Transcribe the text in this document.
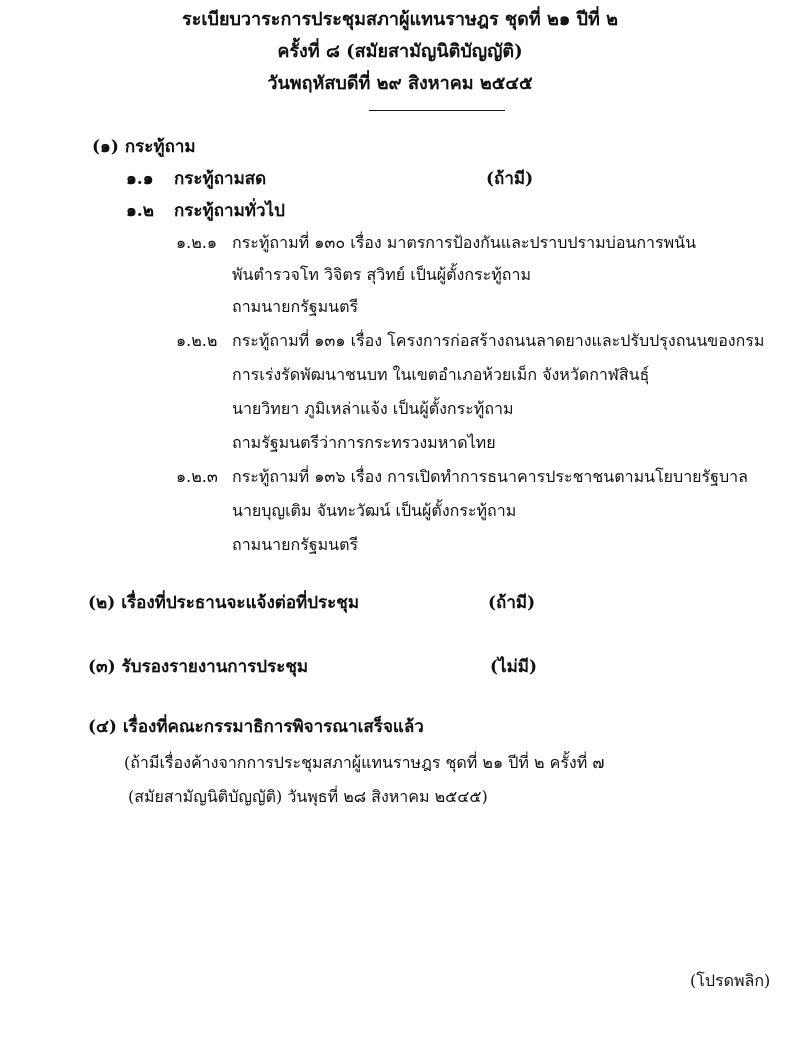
ระเบียบวาระการประชุมสภาผู้แทนราษฎร ชุดที่ ๒๑ ปีที่ ๒
ครั้งที่ ๘ (สมัยสามัญนิติบัญญัติ)
วันพฤหัสบดีที่ ๒๙ สิงหาคม ๒๕๔๕
(๑) กระทู้ถาม
๑.๑ กระทู้ถามสด	(ถ้ามี)
๑.๒ กระทู้ถามทั่วไป
๑.๒.๑ กระทู้ถามที่ ๑๓๐ เรื่อง มาตรการป้องกันและปราบปรามบ่อนการพนัน
พันตำรวจโท วิจิตร สุวิทย์ เป็นผู้ตั้งกระทู้ถาม
ถามนายกรัฐมนตรี
๑.๒.๒ กระทู้ถามที่ ๑๓๑ เรื่อง โครงการก่อสร้างถนนลาดยางและปรับปรุงถนนของกรม
การเร่งรัดพัฒนาชนบท ในเขตอำเภอห้วยเม็ก จังหวัดกาฬสินธุ์
นายวิทยา ภูมิเหล่าแจ้ง เป็นผู้ตั้งกระทู้ถาม
ถามรัฐมนตรีว่าการกระทรวงมหาดไทย
๑.๒.๓ กระทู้ถามที่ ๑๓๖ เรื่อง การเปิดทำการธนาคารประชาชนตามนโยบายรัฐบาล
นายบุญเติม จันทะวัฒน์ เป็นผู้ตั้งกระทู้ถาม
ถามนายกรัฐมนตรี
(๒) เรื่องที่ประธานจะแจ้งต่อที่ประชุม	(ถ้ามี)
(๓) รับรองรายงานการประชุม	(ไม่มี)
(๔) เรื่องที่คณะกรรมาธิการพิจารณาเสร็จแล้ว
(ถ้ามีเรื่องค้างจากการประชุมสภาผู้แทนราษฎร ชุดที่ ๒๑ ปีที่ ๒ ครั้งที่ ๗
(สมัยสามัญนิติบัญญัติ) วันพุธที่ ๒๘ สิงหาคม ๒๕๔๕)
(โปรดพลิก)
